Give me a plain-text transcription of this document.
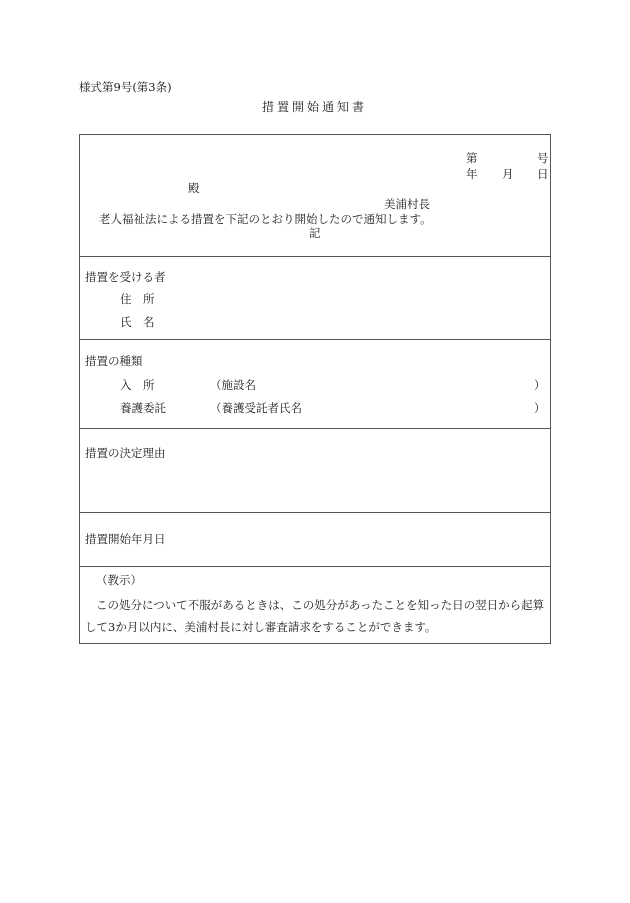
様式第9号(第3条)
措置開始通知書
第	号
年 月 日
殿
美浦村長
老人福祉法による措置を下記のとおり開始したので通知します。
記
措置を受ける者
住　所
氏　名
措置の種類
入　所	（施設名	）
養護委託	（養護受託者氏名	）
措置の決定理由
措置開始年月日
（教示）
この処分について不服があるときは、この処分があったことを知った日の翌日から起算
して3か月以内に、美浦村長に対し審査請求をすることができます。
